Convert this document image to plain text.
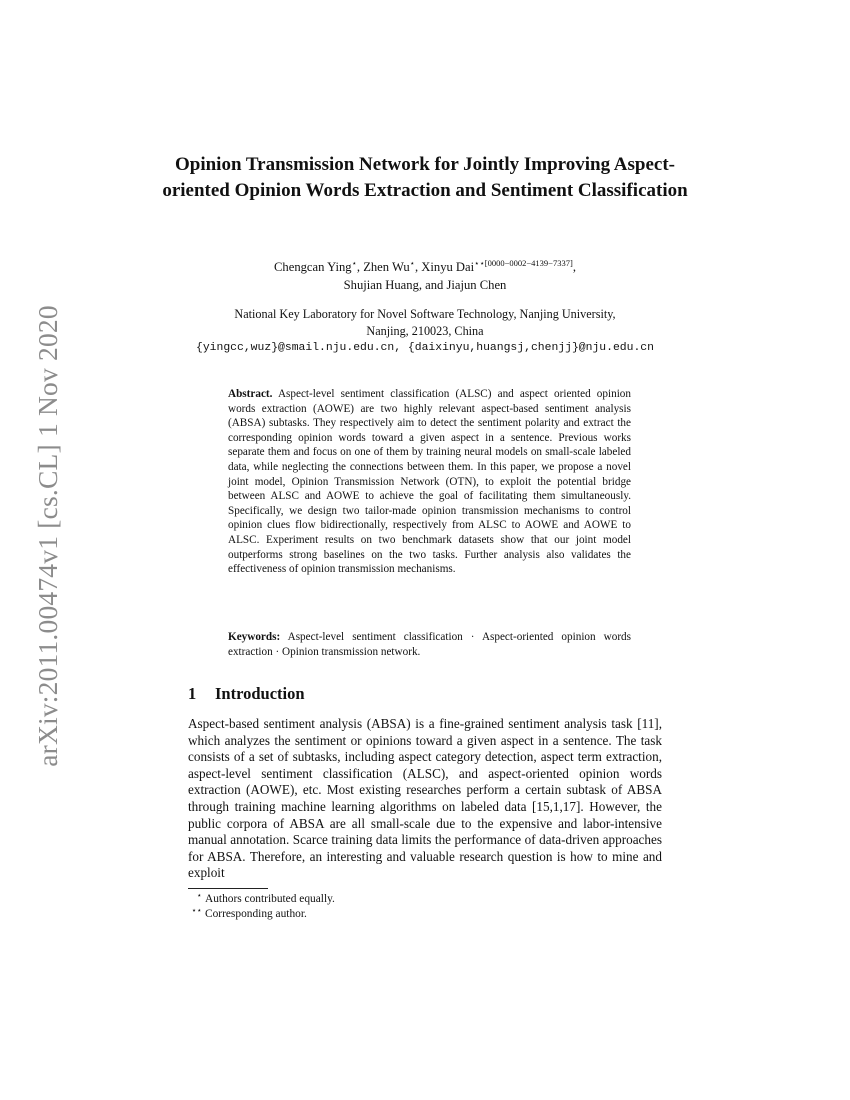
arXiv:2011.00474v1 [cs.CL] 1 Nov 2020
Opinion Transmission Network for Jointly Improving Aspect-oriented Opinion Words Extraction and Sentiment Classification
Chengcan Ying⋆, Zhen Wu⋆, Xinyu Dai$^{⋆⋆[0000-0002-4139-7337]}$,
Shujian Huang, and Jiajun Chen
National Key Laboratory for Novel Software Technology, Nanjing University,
Nanjing, 210023, China
{yingcc,wuz}@smail.nju.edu.cn, {daixinyu,huangsj,chenjj}@nju.edu.cn
Abstract. Aspect-level sentiment classification (ALSC) and aspect oriented opinion words extraction (AOWE) are two highly relevant aspect-based sentiment analysis (ABSA) subtasks. They respectively aim to detect the sentiment polarity and extract the corresponding opinion words toward a given aspect in a sentence. Previous works separate them and focus on one of them by training neural models on small-scale labeled data, while neglecting the connections between them. In this paper, we propose a novel joint model, Opinion Transmission Network (OTN), to exploit the potential bridge between ALSC and AOWE to achieve the goal of facilitating them simultaneously. Specifically, we design two tailor-made opinion transmission mechanisms to control opinion clues flow bidirectionally, respectively from ALSC to AOWE and AOWE to ALSC. Experiment results on two benchmark datasets show that our joint model outperforms strong baselines on the two tasks. Further analysis also validates the effectiveness of opinion transmission mechanisms.
Keywords: Aspect-level sentiment classification · Aspect-oriented opinion words extraction · Opinion transmission network.
1 Introduction
Aspect-based sentiment analysis (ABSA) is a fine-grained sentiment analysis task [11], which analyzes the sentiment or opinions toward a given aspect in a sentence. The task consists of a set of subtasks, including aspect category detection, aspect term extraction, aspect-level sentiment classification (ALSC), and aspect-oriented opinion words extraction (AOWE), etc. Most existing researches perform a certain subtask of ABSA through training machine learning algorithms on labeled data [15,1,17]. However, the public corpora of ABSA are all small-scale due to the expensive and labor-intensive manual annotation. Scarce training data limits the performance of data-driven approaches for ABSA. Therefore, an interesting and valuable research question is how to mine and exploit
⋆ Authors contributed equally.
⋆⋆ Corresponding author.
